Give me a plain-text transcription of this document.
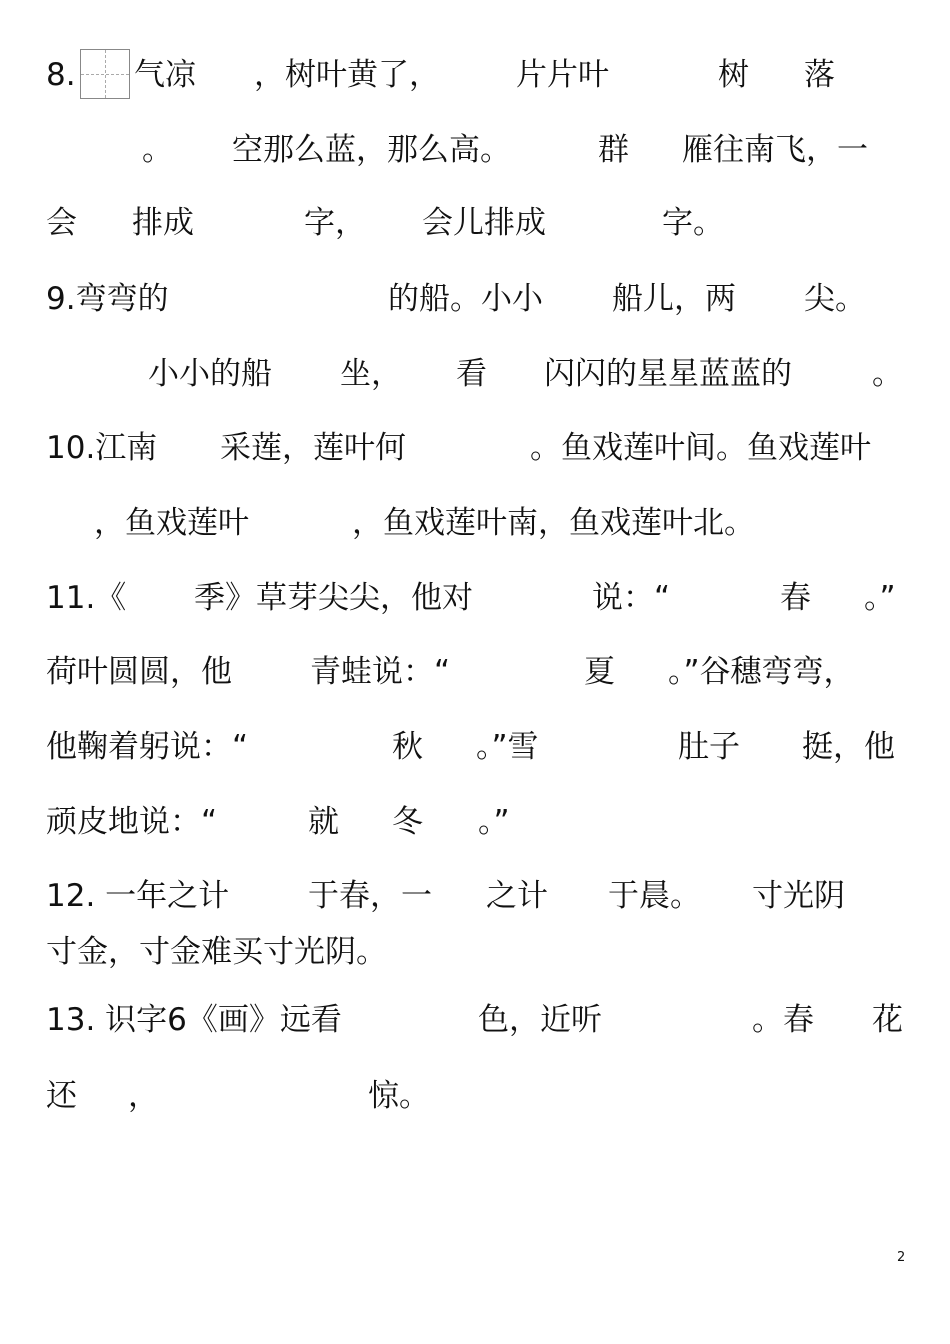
8. 气凉 ，树叶黄了， 片片叶	树 落
。 空那么蓝，那么高。	群 雁往南飞，一
会 排成	字， 会儿排成	字。
9.弯弯的	的船。小小 船儿，两 尖。
小小的船 坐， 看 闪闪的星星蓝蓝的	。
10.江南 采莲，莲叶何	。鱼戏莲叶间。鱼戏莲叶
，鱼戏莲叶	，鱼戏莲叶南，鱼戏莲叶北。
11.《 季》草芽尖尖，他对	说：“	春 。”
荷叶圆圆，他	青蛙说：“	夏 。”谷穗弯弯，
他鞠着躬说：“	秋 。”雪	肚子 挺，他
顽皮地说：“	就 冬 。”
12. 一年之计	于春，一 之计 于晨。 寸光阴
寸金，寸金难买寸光阴。
13. 识字6《画》远看	色，近听	。春 花
还 ，	惊。
2
